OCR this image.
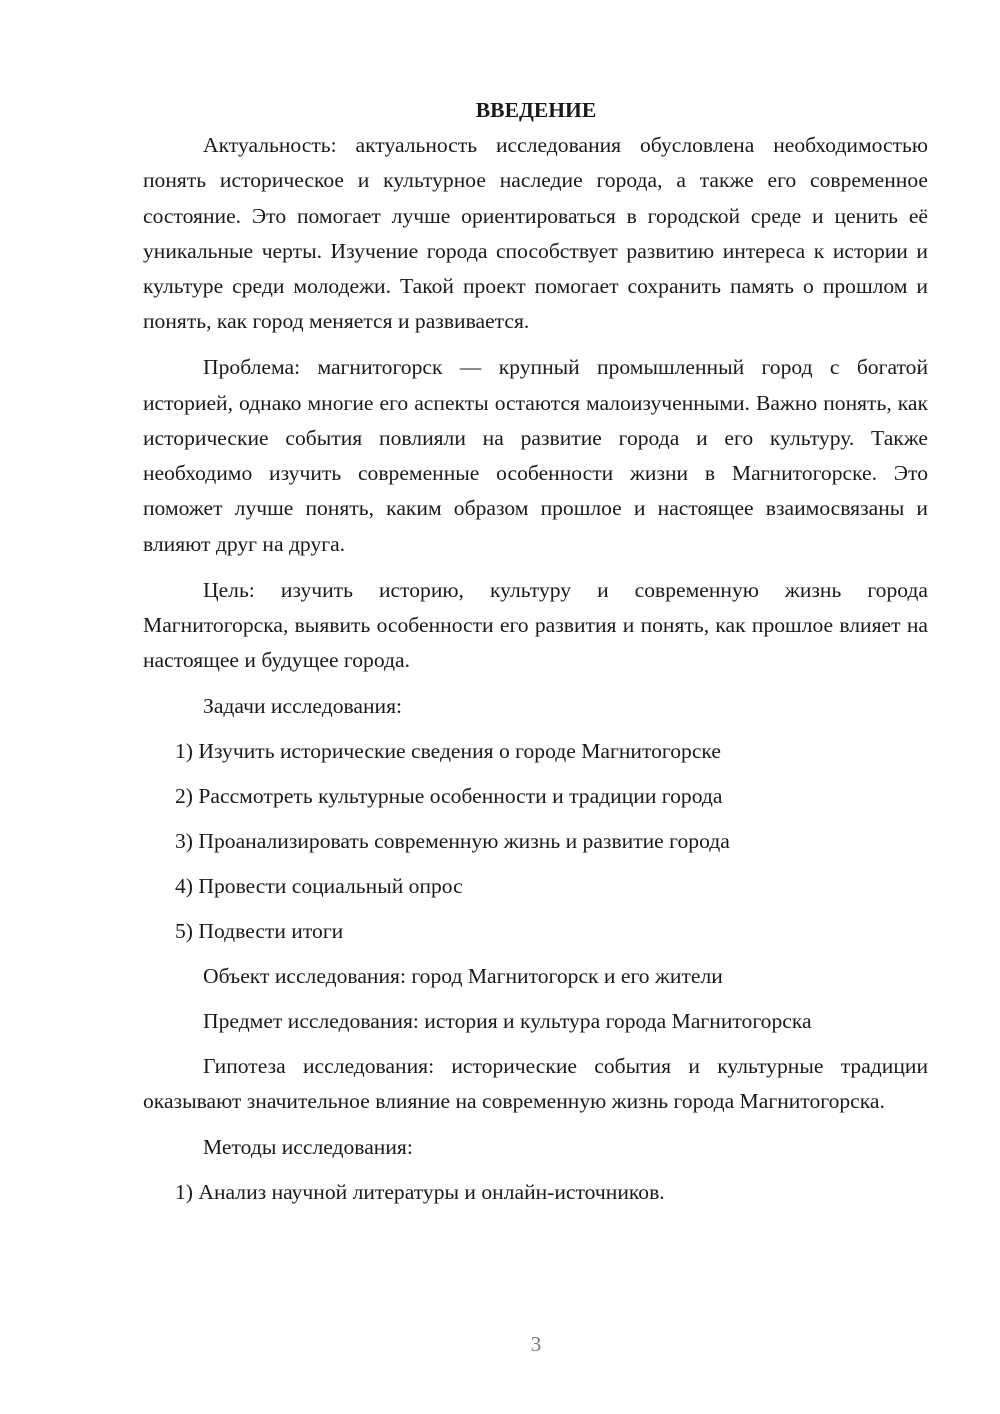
ВВЕДЕНИЕ

Актуальность: актуальность исследования обусловлена необходимостью понять историческое и культурное наследие города, а также его современное состояние. Это помогает лучше ориентироваться в городской среде и ценить её уникальные черты. Изучение города способствует развитию интереса к истории и культуре среди молодежи. Такой проект помогает сохранить память о прошлом и понять, как город меняется и развивается.

Проблема: магнитогорск — крупный промышленный город с богатой историей, однако многие его аспекты остаются малоизученными. Важно понять, как исторические события повлияли на развитие города и его культуру. Также необходимо изучить современные особенности жизни в Магнитогорске. Это поможет лучше понять, каким образом прошлое и настоящее взаимосвязаны и влияют друг на друга.

Цель: изучить историю, культуру и современную жизнь города Магнитогорска, выявить особенности его развития и понять, как прошлое влияет на настоящее и будущее города.

Задачи исследования:
1) Изучить исторические сведения о городе Магнитогорске
2) Рассмотреть культурные особенности и традиции города
3) Проанализировать современную жизнь и развитие города
4) Провести социальный опрос
5) Подвести итоги
Объект исследования: город Магнитогорск и его жители
Предмет исследования: история и культура города Магнитогорска

Гипотеза исследования: исторические события и культурные традиции оказывают значительное влияние на современную жизнь города Магнитогорска.

Методы исследования:
1) Анализ научной литературы и онлайн-источников.
3
